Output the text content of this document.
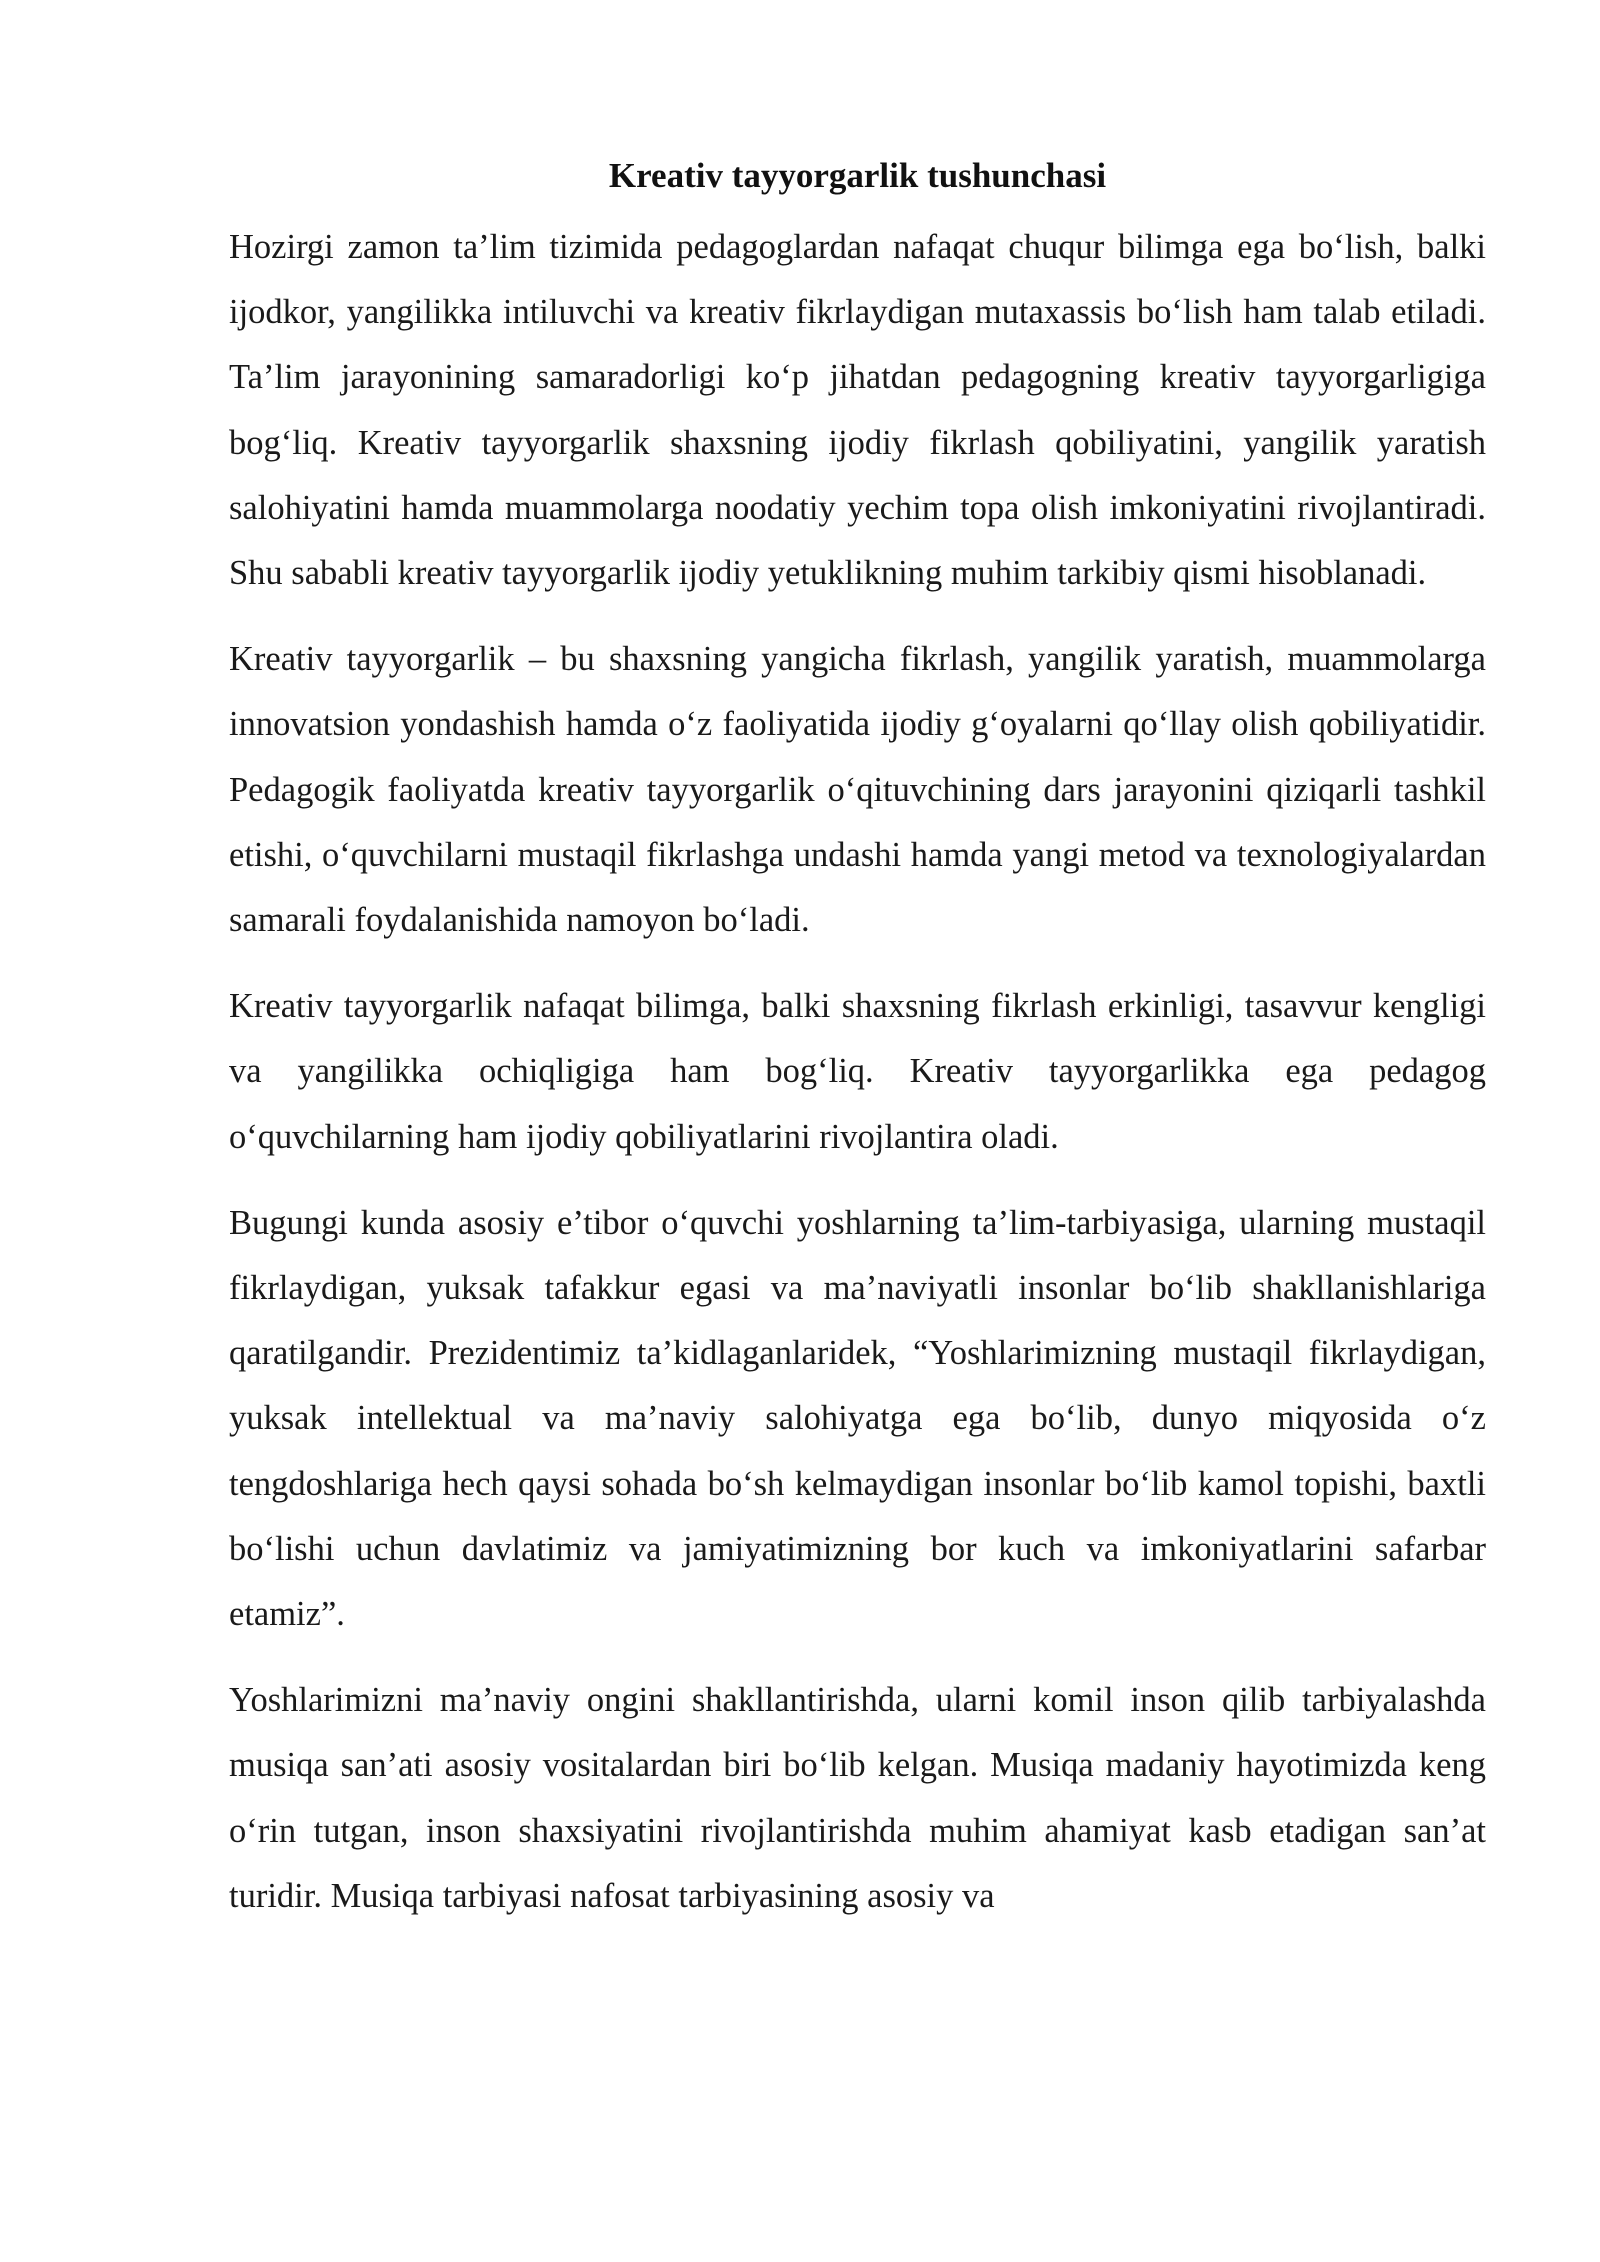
Kreativ tayyorgarlik tushunchasi

Hozirgi zamon ta’lim tizimida pedagoglardan nafaqat chuqur bilimga ega bo‘lish, balki ijodkor, yangilikka intiluvchi va kreativ fikrlaydigan mutaxassis bo‘lish ham talab etiladi. Ta’lim jarayonining samaradorligi ko‘p jihatdan pedagogning kreativ tayyorgarligiga bog‘liq. Kreativ tayyorgarlik shaxsning ijodiy fikrlash qobiliyatini, yangilik yaratish salohiyatini hamda muammolarga noodatiy yechim topa olish imkoniyatini rivojlantiradi. Shu sababli kreativ tayyorgarlik ijodiy yetuklikning muhim tarkibiy qismi hisoblanadi.

Kreativ tayyorgarlik – bu shaxsning yangicha fikrlash, yangilik yaratish, muammolarga innovatsion yondashish hamda o‘z faoliyatida ijodiy g‘oyalarni qo‘llay olish qobiliyatidir. Pedagogik faoliyatda kreativ tayyorgarlik o‘qituvchining dars jarayonini qiziqarli tashkil etishi, o‘quvchilarni mustaqil fikrlashga undashi hamda yangi metod va texnologiyalardan samarali foydalanishida namoyon bo‘ladi.

Kreativ tayyorgarlik nafaqat bilimga, balki shaxsning fikrlash erkinligi, tasavvur kengligi va yangilikka ochiqligiga ham bog‘liq. Kreativ tayyorgarlikka ega pedagog o‘quvchilarning ham ijodiy qobiliyatlarini rivojlantira oladi.

Bugungi kunda asosiy e’tibor o‘quvchi yoshlarning ta’lim-tarbiyasiga, ularning mustaqil fikrlaydigan, yuksak tafakkur egasi va ma’naviyatli insonlar bo‘lib shakllanishlariga qaratilgandir. Prezidentimiz ta’kidlaganlaridek, “Yoshlarimizning mustaqil fikrlaydigan, yuksak intellektual va ma’naviy salohiyatga ega bo‘lib, dunyo miqyosida o‘z tengdoshlariga hech qaysi sohada bo‘sh kelmaydigan insonlar bo‘lib kamol topishi, baxtli bo‘lishi uchun davlatimiz va jamiyatimizning bor kuch va imkoniyatlarini safarbar etamiz”.

Yoshlarimizni ma’naviy ongini shakllantirishda, ularni komil inson qilib tarbiyalashda musiqa san’ati asosiy vositalardan biri bo‘lib kelgan. Musiqa madaniy hayotimizda keng o‘rin tutgan, inson shaxsiyatini rivojlantirishda muhim ahamiyat kasb etadigan san’at turidir. Musiqa tarbiyasi nafosat tarbiyasining asosiy va
